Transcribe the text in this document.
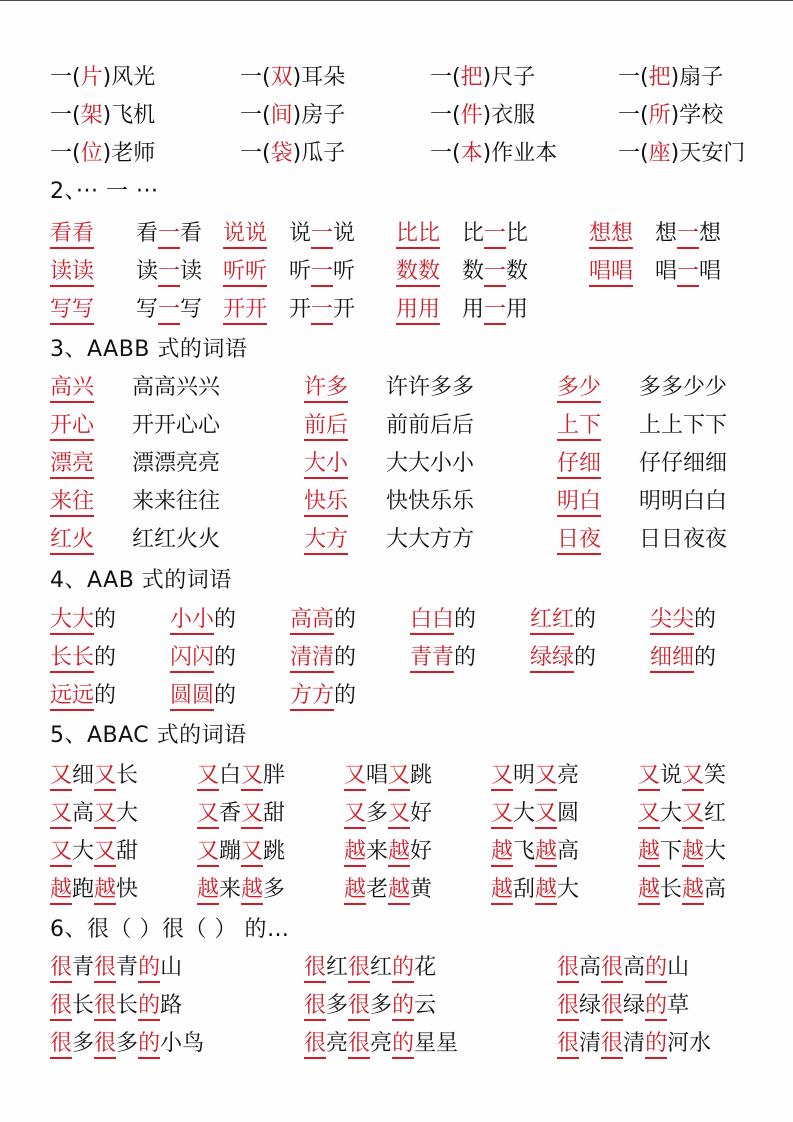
一(片)风光	一(双)耳朵	一(把)尺子	一(把)扇子
一(架)飞机	一(间)房子	一(件)衣服	一(所)学校
一(位)老师	一(袋)瓜子	一(本)作业本	一(座)天安门
2、··· 一 ···
看看 看一看 说说 说一说 比比 比一比	想想 想一想
读读 读一读 听听 听一听 数数 数一数	唱唱 唱一唱
写写 写一写 开开 开一开 用用 用一用
3、AABB 式的词语
高兴 高高兴兴	许多 许许多多	多少 多多少少
开心 开开心心	前后 前前后后	上下 上上下下
漂亮 漂漂亮亮	大小 大大小小	仔细 仔仔细细
来往 来来往往	快乐 快快乐乐	明白 明明白白
红火 红红火火	大方 大大方方	日夜 日日夜夜
4、AAB 式的词语
大大的 小小的 高高的 白白的 红红的 尖尖的
长长的 闪闪的 清清的 青青的 绿绿的 细细的
远远的 圆圆的 方方的
5、ABAC 式的词语
又细又长	又白又胖	又唱又跳	又明又亮	又说又笑
又高又大	又香又甜	又多又好	又大又圆	又大又红
又大又甜	又蹦又跳	越来越好	越飞越高	越下越大
越跑越快	越来越多	越老越黄	越刮越大	越长越高
6、很（ ）很（ ） 的…
很青很青的山	很红很红的花	很高很高的山
很长很长的路	很多很多的云	很绿很绿的草
很多很多的小鸟	很亮很亮的星星	很清很清的河水
